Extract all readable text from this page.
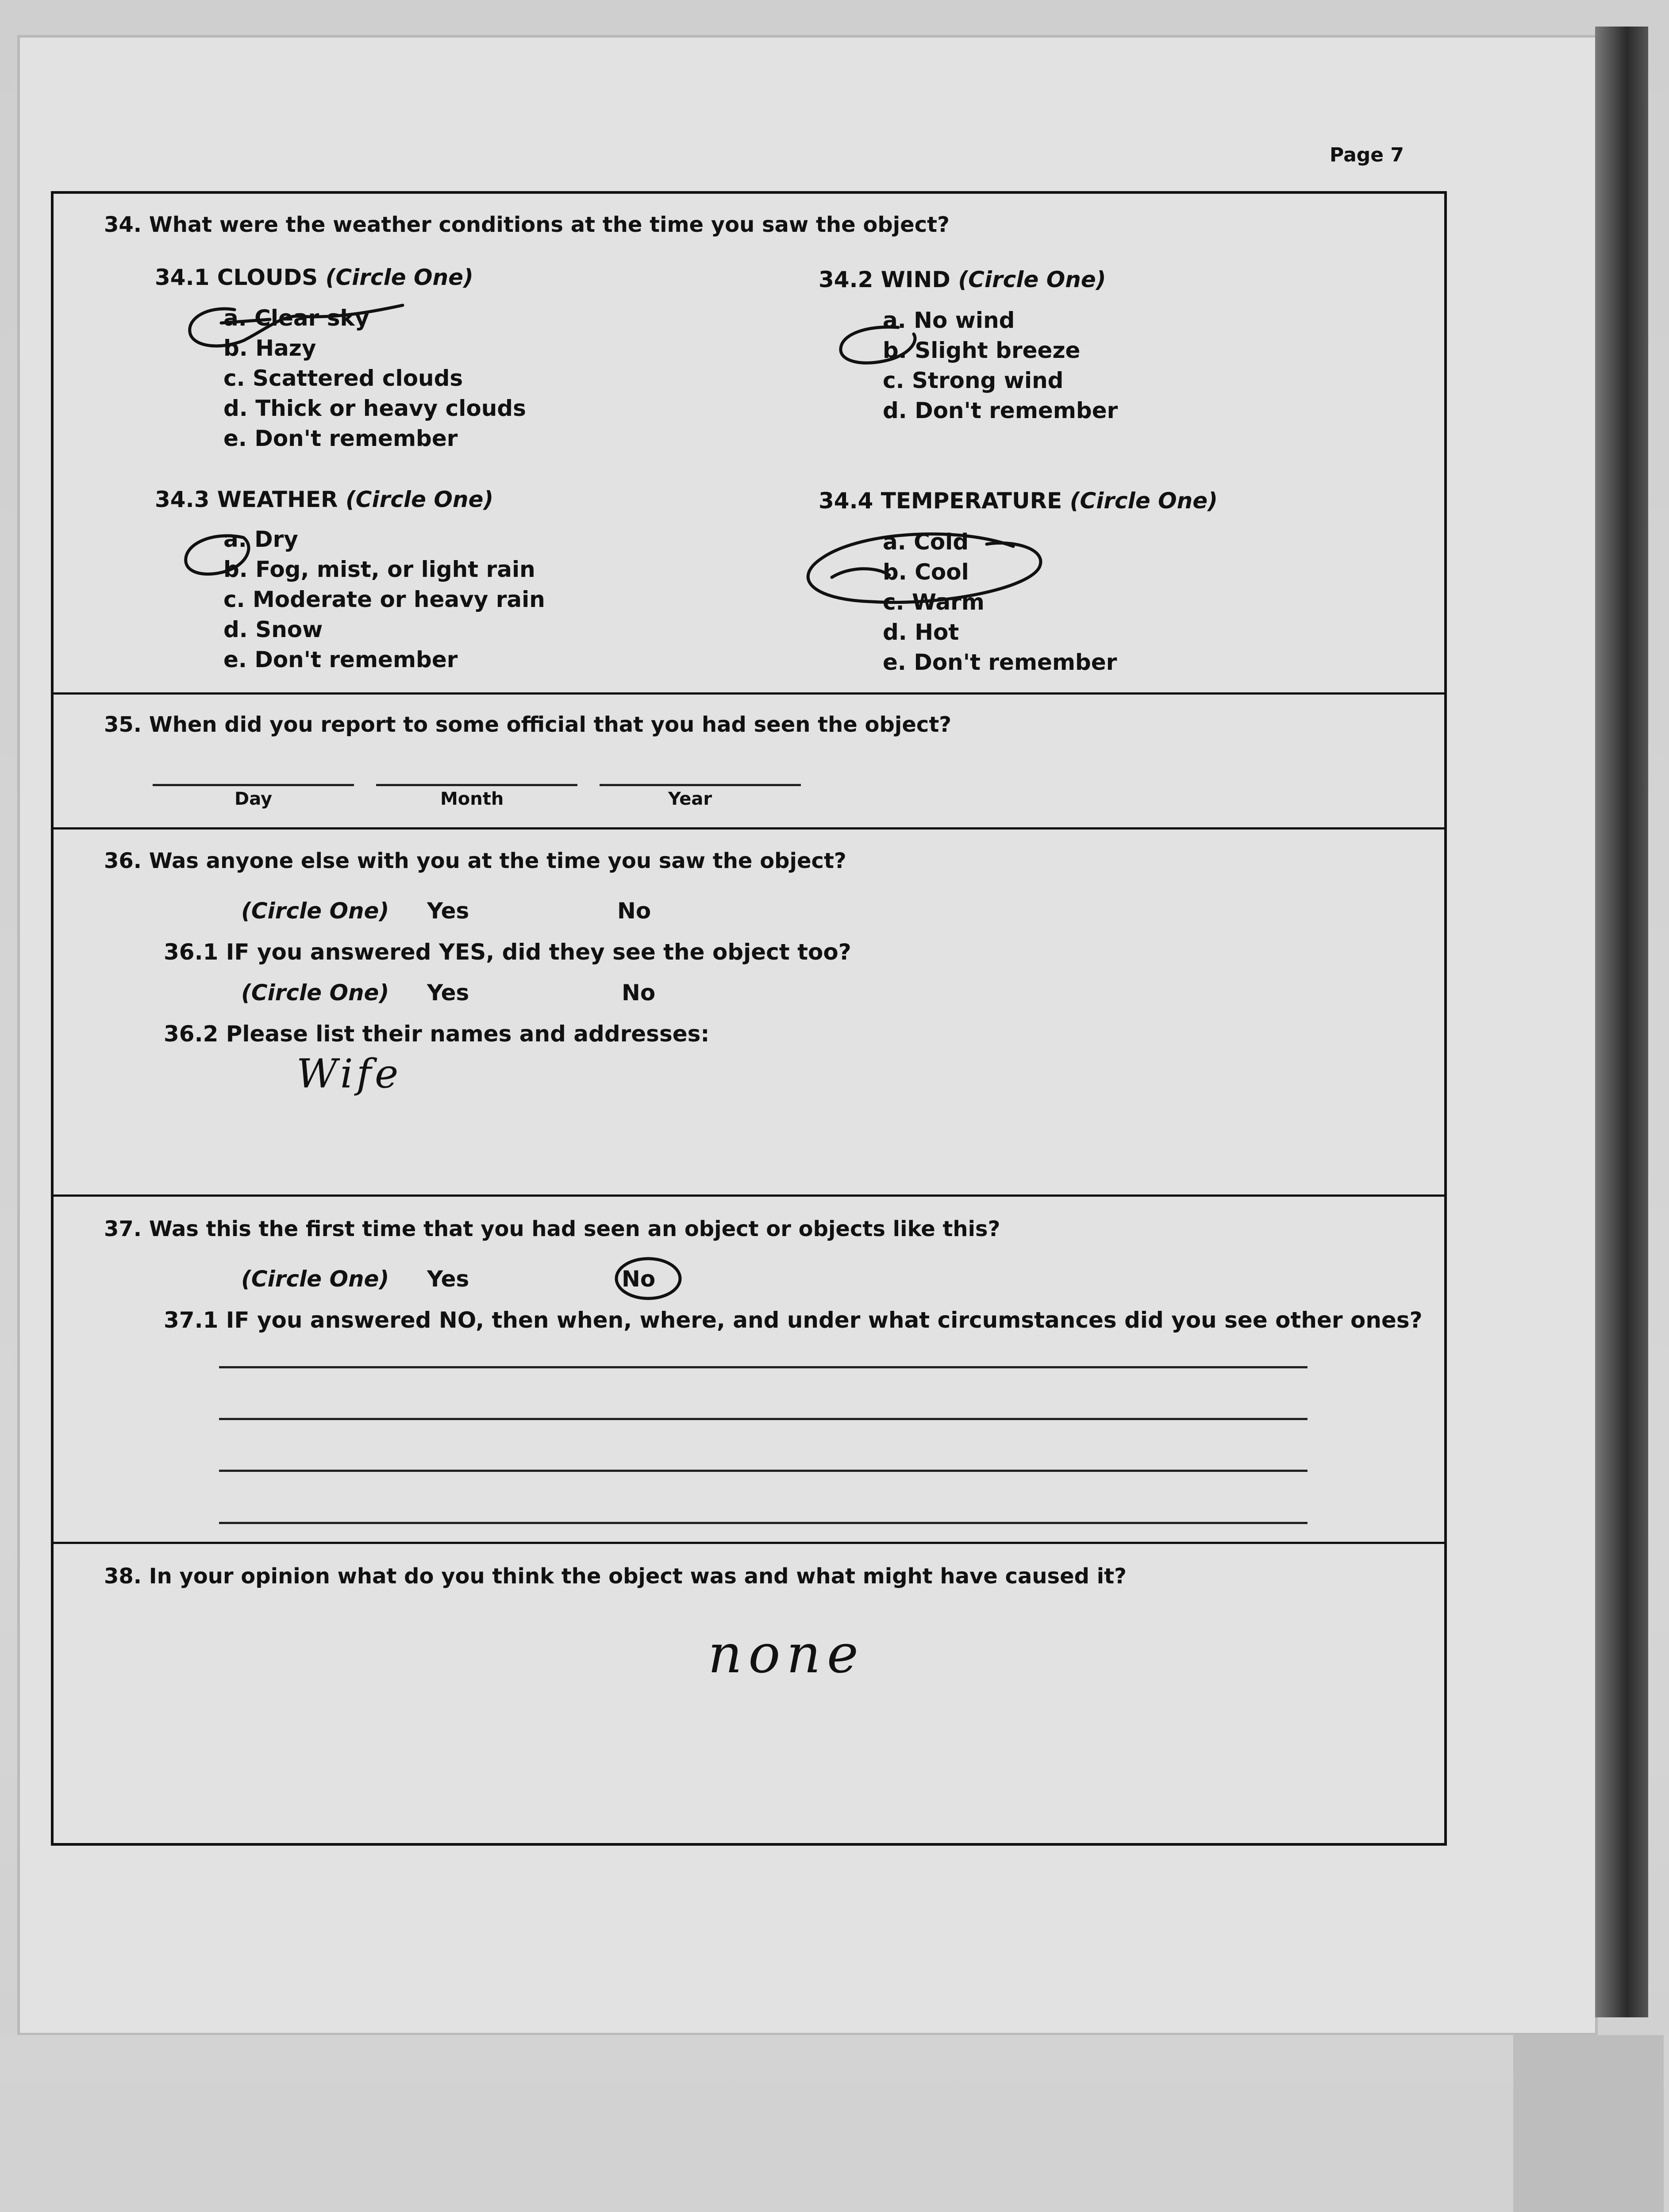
Page 7
34. What were the weather conditions at the time you saw the object?
34.1 CLOUDS (Circle One)
a. Clear sky
b. Hazy
c. Scattered clouds
d. Thick or heavy clouds
e. Don't remember
34.2 WIND (Circle One)
a. No wind
b. Slight breeze
c. Strong wind
d. Don't remember
34.3 WEATHER (Circle One)
a. Dry
b. Fog, mist, or light rain
c. Moderate or heavy rain
d. Snow
e. Don't remember
34.4 TEMPERATURE (Circle One)
a. Cold
b. Cool
c. Warm
d. Hot
e. Don't remember
35. When did you report to some official that you had seen the object?
Day	Month	Year
36. Was anyone else with you at the time you saw the object?
(Circle One) Yes	No
36.1 IF you answered YES, did they see the object too?
(Circle One) Yes	No
36.2 Please list their names and addresses:
Wife
37. Was this the first time that you had seen an object or objects like this?
(Circle One) Yes	No
37.1 IF you answered NO, then when, where, and under what circumstances did you see other ones?
38. In your opinion what do you think the object was and what might have caused it?
none
